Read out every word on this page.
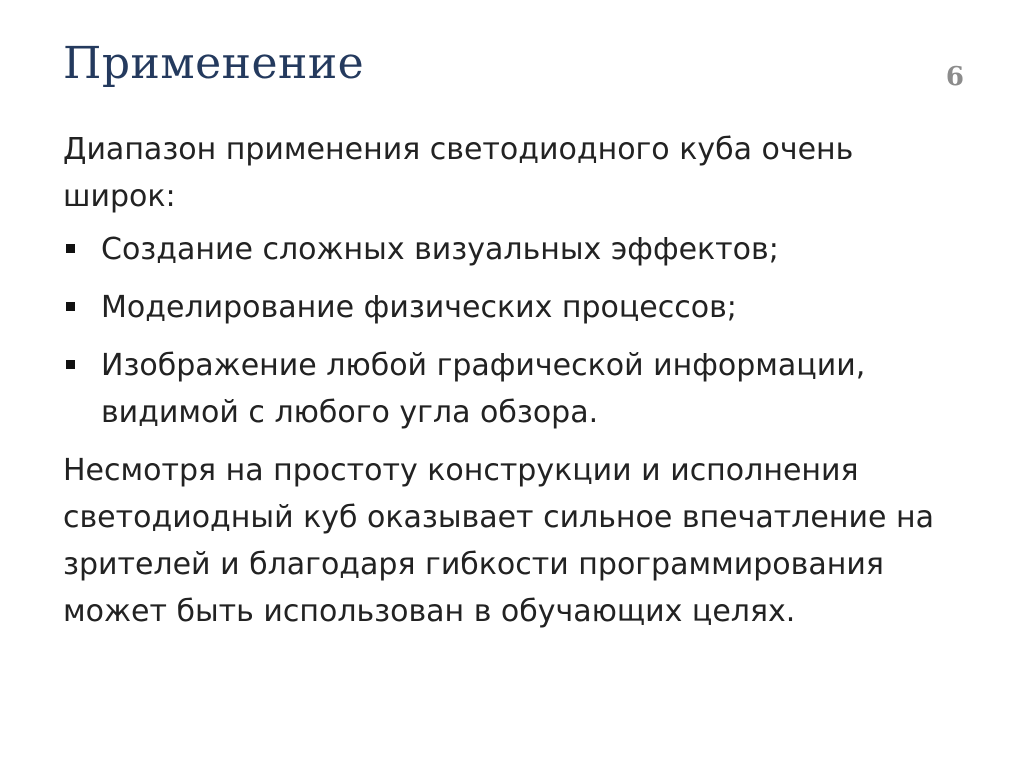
Применение	6

Диапазон применения светодиодного куба очень широк:

Создание сложных визуальных эффектов;
Моделирование физических процессов;
Изображение любой графической информации, видимой с любого угла обзора.

Несмотря на простоту конструкции и исполнения светодиодный куб оказывает сильное впечатление на зрителей и благодаря гибкости программирования может быть использован в обучающих целях.
